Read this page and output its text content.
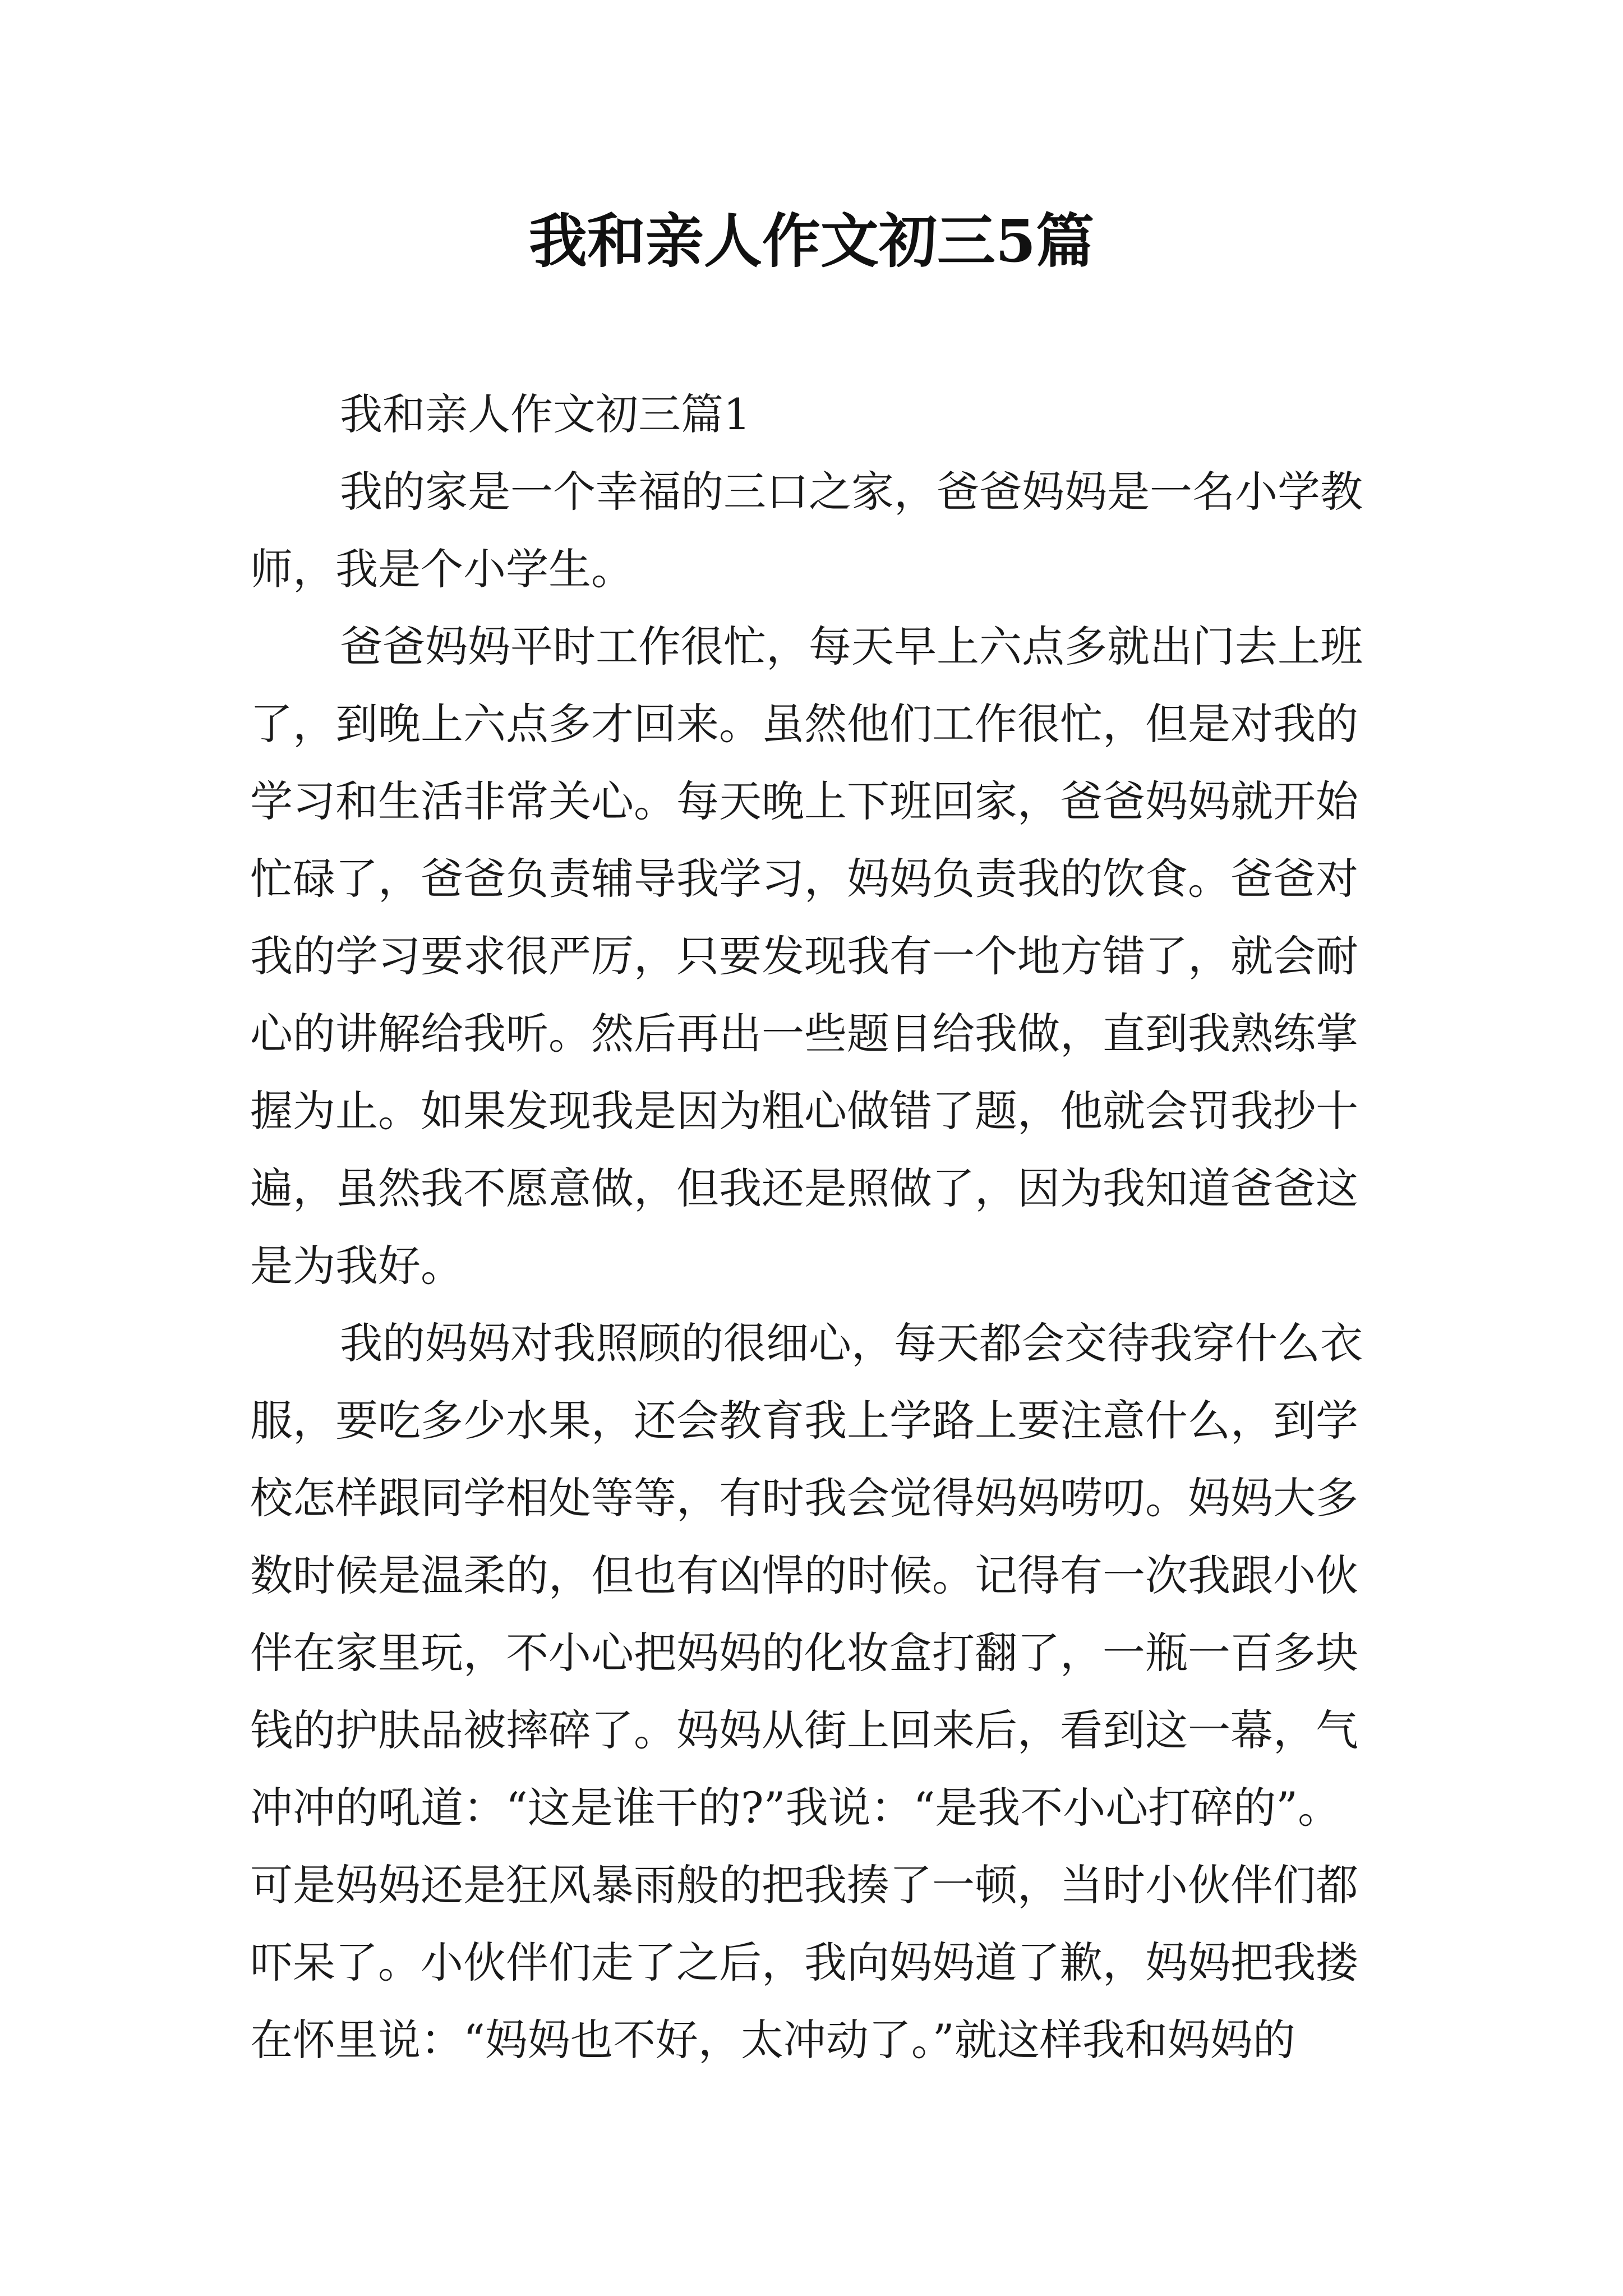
我和亲人作文初三5篇
我和亲人作文初三篇1
我的家是一个幸福的三口之家，爸爸妈妈是一名小学教
师，我是个小学生。
爸爸妈妈平时工作很忙，每天早上六点多就出门去上班
了，到晚上六点多才回来。虽然他们工作很忙，但是对我的
学习和生活非常关心。每天晚上下班回家，爸爸妈妈就开始
忙碌了，爸爸负责辅导我学习，妈妈负责我的饮食。爸爸对
我的学习要求很严厉，只要发现我有一个地方错了，就会耐
心的讲解给我听。然后再出一些题目给我做，直到我熟练掌
握为止。如果发现我是因为粗心做错了题，他就会罚我抄十
遍，虽然我不愿意做，但我还是照做了，因为我知道爸爸这
是为我好。
我的妈妈对我照顾的很细心，每天都会交待我穿什么衣
服，要吃多少水果，还会教育我上学路上要注意什么，到学
校怎样跟同学相处等等，有时我会觉得妈妈唠叨。妈妈大多
数时候是温柔的，但也有凶悍的时候。记得有一次我跟小伙
伴在家里玩，不小心把妈妈的化妆盒打翻了，一瓶一百多块
钱的护肤品被摔碎了。妈妈从街上回来后，看到这一幕，气
冲冲的吼道：“这是谁干的?”我说：“是我不小心打碎的”。
可是妈妈还是狂风暴雨般的把我揍了一顿，当时小伙伴们都
吓呆了。小伙伴们走了之后，我向妈妈道了歉，妈妈把我搂
在怀里说：“妈妈也不好，太冲动了。”就这样我和妈妈的
